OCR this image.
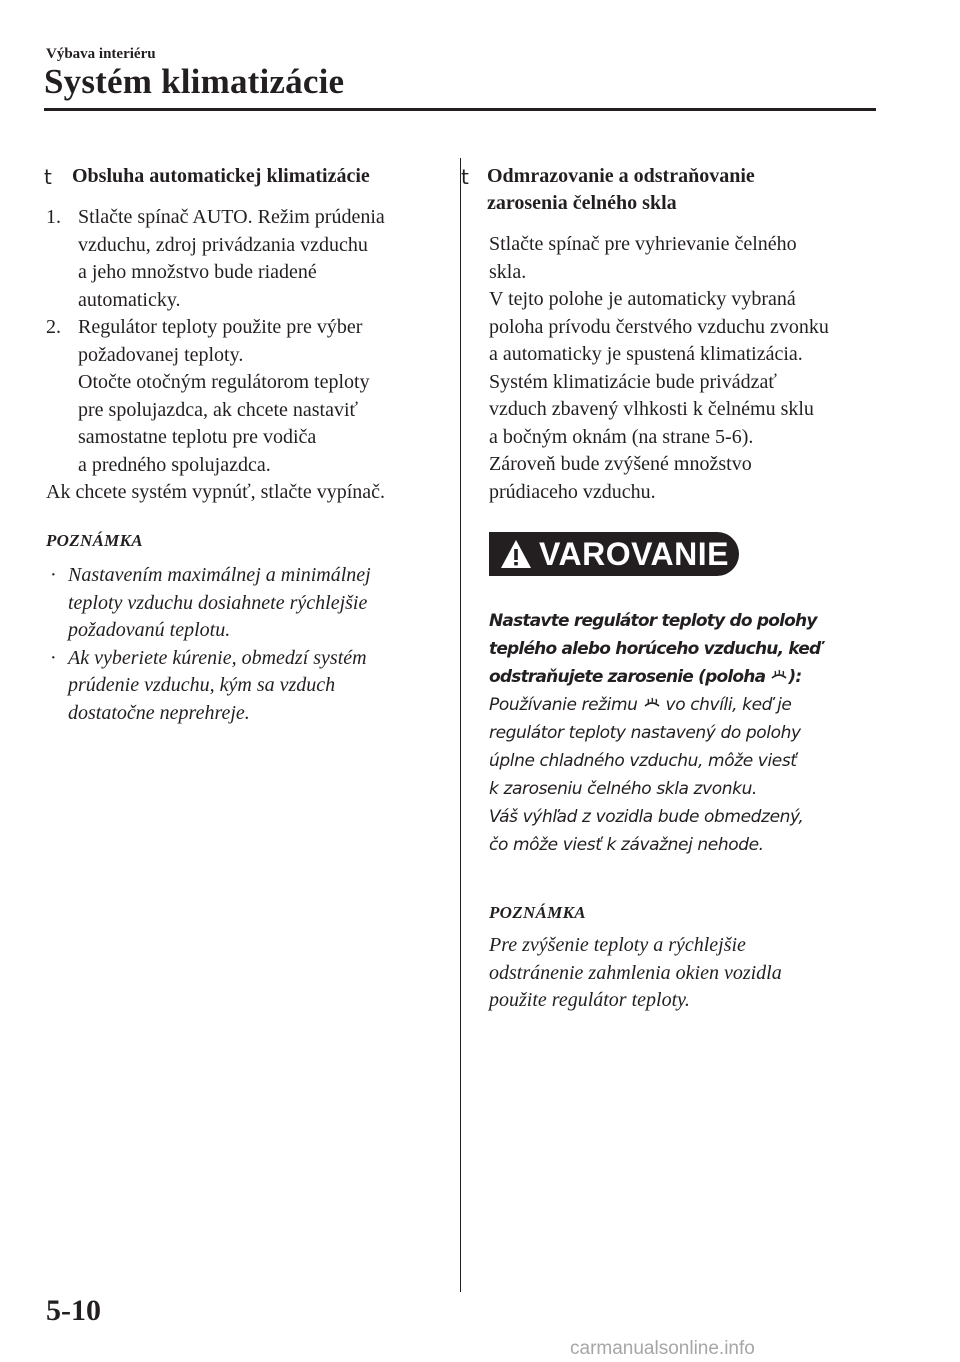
Výbava interiéru
Systém klimatizácie
t Obsluha automatickej klimatizácie
1. Stlačte spínač AUTO. Režim prúdenia
vzduchu, zdroj privádzania vzduchu
a jeho množstvo bude riadené
automaticky.
2. Regulátor teploty použite pre výber
požadovanej teploty.
Otočte otočným regulátorom teploty
pre spolujazdca, ak chcete nastaviť
samostatne teplotu pre vodiča
a predného spolujazdca.
Ak chcete systém vypnúť, stlačte vypínač.
POZNÁMKA
· Nastavením maximálnej a minimálnej
teploty vzduchu dosiahnete rýchlejšie
požadovanú teplotu.
· Ak vyberiete kúrenie, obmedzí systém
prúdenie vzduchu, kým sa vzduch
dostatočne neprehreje.
t Odmrazovanie a odstraňovanie
zarosenia čelného skla
Stlačte spínač pre vyhrievanie čelného
skla.
V tejto polohe je automaticky vybraná
poloha prívodu čerstvého vzduchu zvonku
a automaticky je spustená klimatizácia.
Systém klimatizácie bude privádzať
vzduch zbavený vlhkosti k čelnému sklu
a bočným oknám (na strane 5-6).
Zároveň bude zvýšené množstvo
prúdiaceho vzduchu.
VAROVANIE
Nastavte regulátor teploty do polohy
teplého alebo horúceho vzduchu, keď
odstraňujete zarosenie (poloha ):
Používanie režimu  vo chvíli, keď je
regulátor teploty nastavený do polohy
úplne chladného vzduchu, môže viesť
k zaroseniu čelného skla zvonku.
Váš výhľad z vozidla bude obmedzený,
čo môže viesť k závažnej nehode.
POZNÁMKA
Pre zvýšenie teploty a rýchlejšie
odstránenie zahmlenia okien vozidla
použite regulátor teploty.
5-10
carmanualsonline.info
